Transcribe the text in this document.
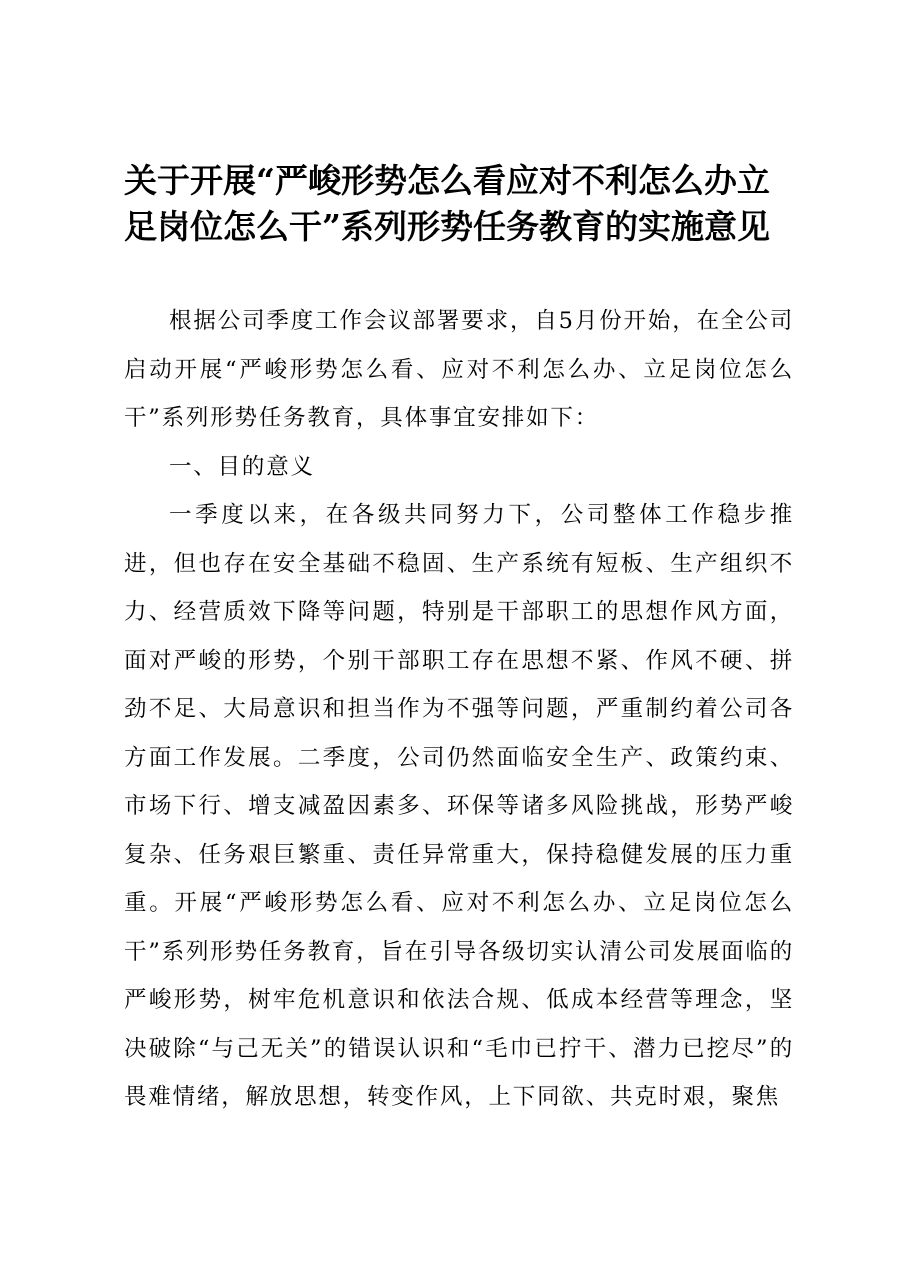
关于开展“严峻形势怎么看应对不利怎么办立
足岗位怎么干”系列形势任务教育的实施意见

根据公司季度工作会议部署要求，自5月份开始，在全公司启动开展“严峻形势怎么看、应对不利怎么办、立足岗位怎么干”系列形势任务教育，具体事宜安排如下：

一、目的意义

一季度以来，在各级共同努力下，公司整体工作稳步推进，但也存在安全基础不稳固、生产系统有短板、生产组织不力、经营质效下降等问题，特别是干部职工的思想作风方面，面对严峻的形势，个别干部职工存在思想不紧、作风不硬、拼劲不足、大局意识和担当作为不强等问题，严重制约着公司各方面工作发展。二季度，公司仍然面临安全生产、政策约束、市场下行、增支减盈因素多、环保等诸多风险挑战，形势严峻复杂、任务艰巨繁重、责任异常重大，保持稳健发展的压力重重。开展“严峻形势怎么看、应对不利怎么办、立足岗位怎么干”系列形势任务教育，旨在引导各级切实认清公司发展面临的严峻形势，树牢危机意识和依法合规、低成本经营等理念，坚决破除“与己无关”的错误认识和“毛巾已拧干、潜力已挖尽”的畏难情绪，解放思想，转变作风，上下同欲、共克时艰，聚焦
